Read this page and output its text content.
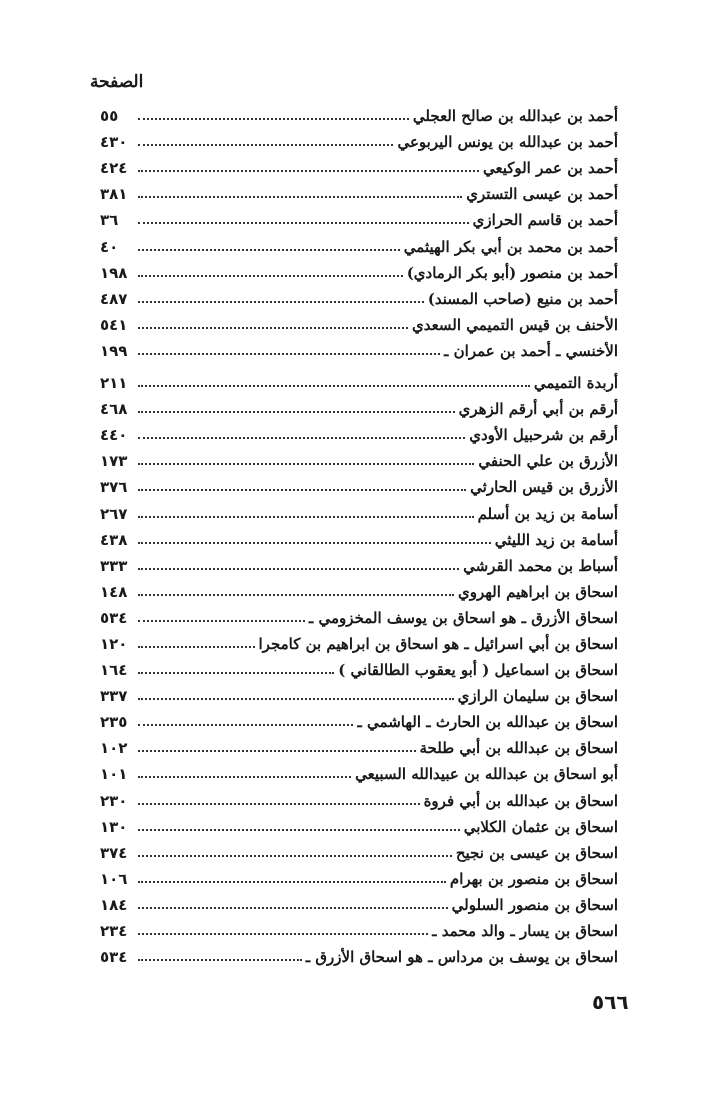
الصفحة
أحمد بن عبدالله بن صالح العجلي
٥٥
أحمد بن عبدالله بن يونس اليربوعي
٤٣٠
أحمد بن عمر الوكيعي
٤٢٤
أحمد بن عيسى التستري
٣٨١
أحمد بن قاسم الحرازي
٣٦
أحمد بن محمد بن أبي بكر الهيثمي
٤٠
أحمد بن منصور (أبو بكر الرمادي)
١٩٨
أحمد بن منيع (صاحب المسند)
٤٨٧
الأحنف بن قيس التميمي السعدي
٥٤١
الأخنسي ـ أحمد بن عمران ـ
١٩٩
أربدة التميمي
٢١١
أرقم بن أبي أرقم الزهري
٤٦٨
أرقم بن شرحبيل الأودي
٤٤٠
الأزرق بن علي الحنفي
١٧٣
الأزرق بن قيس الحارثي
٣٧٦
أسامة بن زيد بن أسلم
٢٦٧
أسامة بن زيد الليثي
٤٣٨
أسباط بن محمد القرشي
٣٣٣
اسحاق بن ابراهيم الهروي
١٤٨
اسحاق الأزرق ـ هو اسحاق بن يوسف المخزومي ـ
٥٣٤
اسحاق بن أبي اسرائيل ـ هو اسحاق بن ابراهيم بن كامجرا
١٢٠
اسحاق بن اسماعيل ( أبو يعقوب الطالقاني )
١٦٤
اسحاق بن سليمان الرازي
٣٣٧
اسحاق بن عبدالله بن الحارث ـ الهاشمي ـ
٢٣٥
اسحاق بن عبدالله بن أبي طلحة
١٠٢
أبو اسحاق بن عبدالله بن عبيدالله السبيعي
١٠١
اسحاق بن عبدالله بن أبي فروة
٢٣٠
اسحاق بن عثمان الكلابي
١٣٠
اسحاق بن عيسى بن نجيح
٣٧٤
اسحاق بن منصور بن بهرام
١٠٦
اسحاق بن منصور السلولي
١٨٤
اسحاق بن يسار ـ والد محمد ـ
٢٣٤
اسحاق بن يوسف بن مرداس ـ هو اسحاق الأزرق ـ
٥٣٤
٥٦٦
